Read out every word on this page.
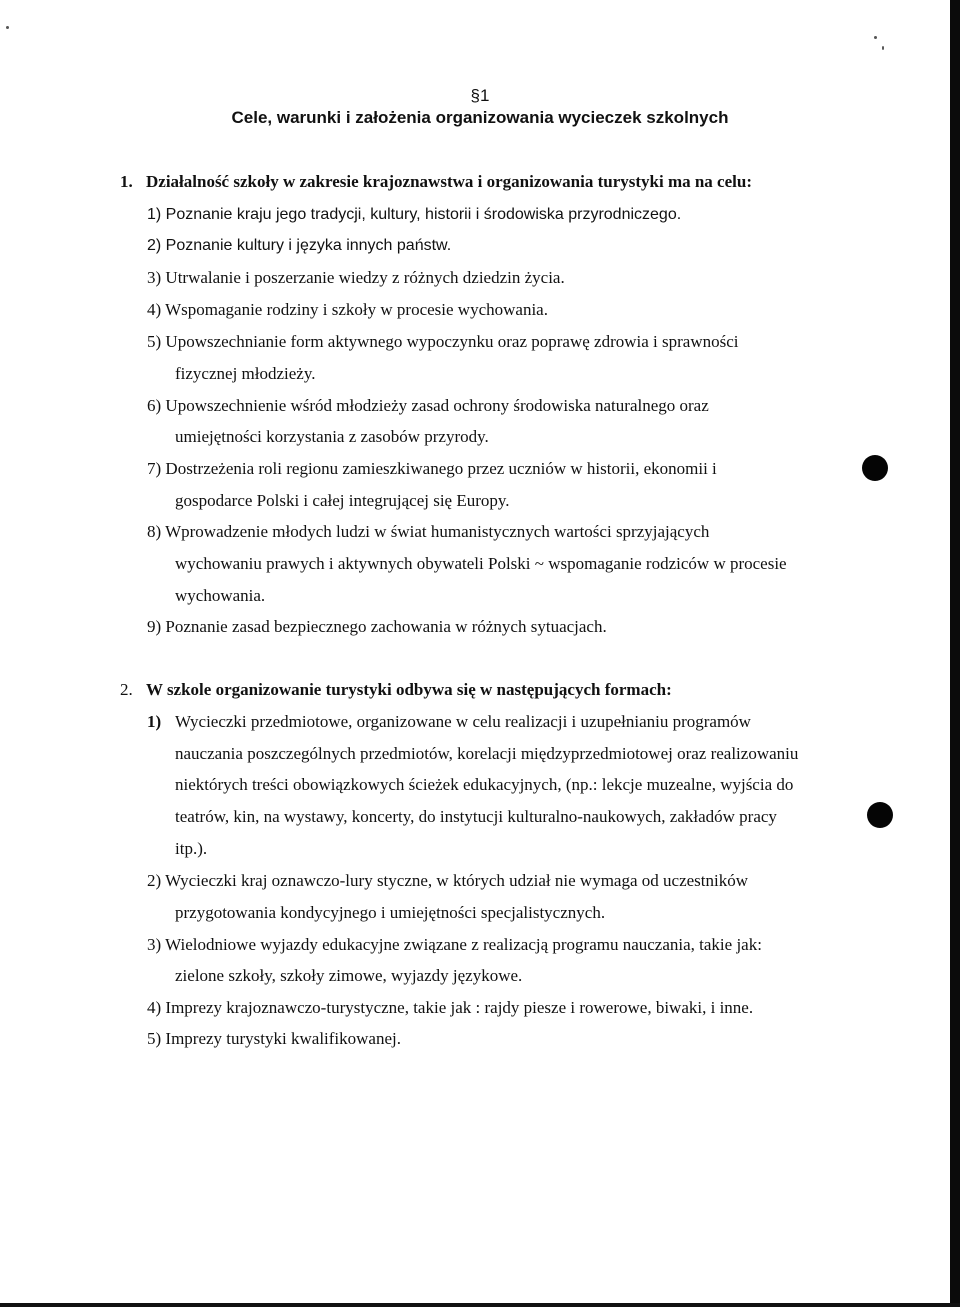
§1
Cele, warunki i założenia organizowania wycieczek szkolnych
1. Działalność szkoły w zakresie krajoznawstwa i organizowania turystyki ma na celu:
1) Poznanie kraju jego tradycji, kultury, historii i środowiska przyrodniczego.
2) Poznanie kultury i języka innych państw.
3) Utrwalanie i poszerzanie wiedzy z różnych dziedzin życia.
4) Wspomaganie rodziny i szkoły w procesie wychowania.
5) Upowszechnianie form aktywnego wypoczynku oraz poprawę zdrowia i sprawności
fizycznej młodzieży.
6) Upowszechnienie wśród młodzieży zasad ochrony środowiska naturalnego oraz
umiejętności korzystania z zasobów przyrody.
7) Dostrzeżenia roli regionu zamieszkiwanego przez uczniów w historii, ekonomii i
gospodarce Polski i całej integrującej się Europy.
8) Wprowadzenie młodych ludzi w świat humanistycznych wartości sprzyjających
wychowaniu prawych i aktywnych obywateli Polski ~ wspomaganie rodziców w procesie
wychowania.
9) Poznanie zasad bezpiecznego zachowania w różnych sytuacjach.
2. W szkole organizowanie turystyki odbywa się w następujących formach:
1) Wycieczki przedmiotowe, organizowane w celu realizacji i uzupełnianiu programów
nauczania poszczególnych przedmiotów, korelacji międzyprzedmiotowej oraz realizowaniu
niektórych treści obowiązkowych ścieżek edukacyjnych, (np.: lekcje muzealne, wyjścia do
teatrów, kin, na wystawy, koncerty, do instytucji kulturalno-naukowych, zakładów pracy
itp.).
2) Wycieczki kraj oznawczo-lury styczne, w których udział nie wymaga od uczestników
przygotowania kondycyjnego i umiejętności specjalistycznych.
3) Wielodniowe wyjazdy edukacyjne związane z realizacją programu nauczania, takie jak:
zielone szkoły, szkoły zimowe, wyjazdy językowe.
4) Imprezy krajoznawczo-turystyczne, takie jak : rajdy piesze i rowerowe, biwaki, i inne.
5) Imprezy turystyki kwalifikowanej.
